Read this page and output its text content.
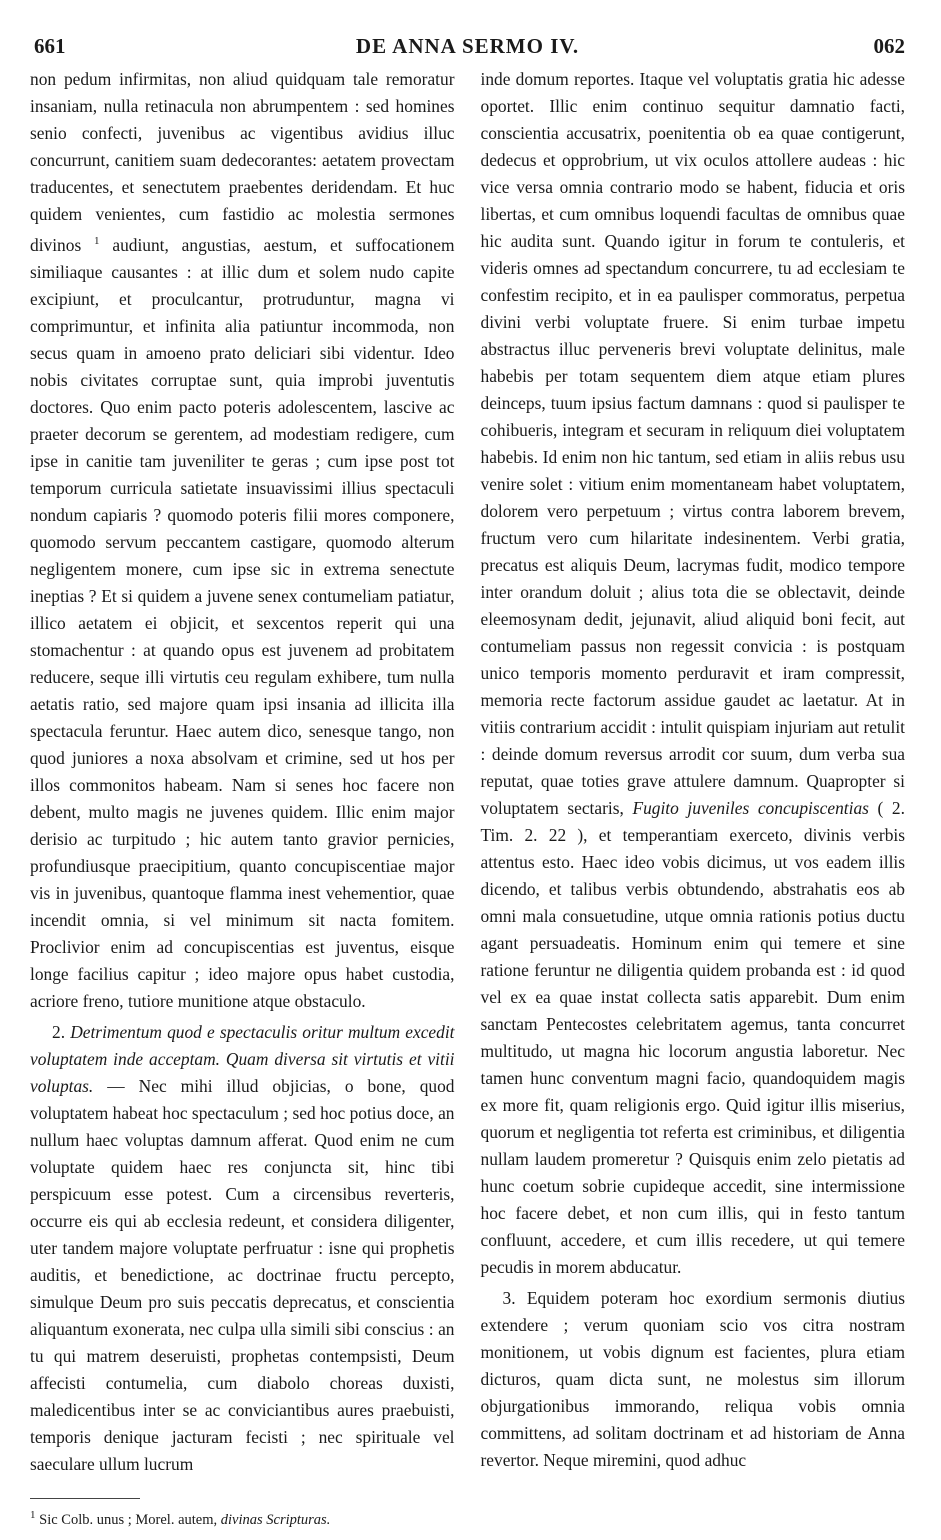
661	DE ANNA SERMO IV.	062

non pedum infirmitas, non aliud quidquam tale remoratur insaniam, nulla retinacula non abrumpentem : sed homines senio confecti, juvenibus ac vigentibus avidius illuc concurrunt, canitiem suam dedecorantes: aetatem provectam traducentes, et senectutem praebentes deridendam. Et huc quidem venientes, cum fastidio ac molestia sermones divinos $^1$ audiunt, angustias, aestum, et suffocationem similiaque causantes : at illic dum et solem nudo capite excipiunt, et proculcantur, protruduntur, magna vi comprimuntur, et infinita alia patiuntur incommoda, non secus quam in amoeno prato deliciari sibi videntur. Ideo nobis civitates corruptae sunt, quia improbi juventutis doctores. Quo enim pacto poteris adolescentem, lascive ac praeter decorum se gerentem, ad modestiam redigere, cum ipse in canitie tam juveniliter te geras ; cum ipse post tot temporum curricula satietate insuavissimi illius spectaculi nondum capiaris ? quomodo poteris filii mores componere, quomodo servum peccantem castigare, quomodo alterum negligentem monere, cum ipse sic in extrema senectute ineptias ? Et si quidem a juvene senex contumeliam patiatur, illico aetatem ei objicit, et sexcentos reperit qui una stomachentur : at quando opus est juvenem ad probitatem reducere, seque illi virtutis ceu regulam exhibere, tum nulla aetatis ratio, sed majore quam ipsi insania ad illicita illa spectacula feruntur. Haec autem dico, senesque tango, non quod juniores a noxa absolvam et crimine, sed ut hos per illos commonitos habeam. Nam si senes hoc facere non debent, multo magis ne juvenes quidem. Illic enim major derisio ac turpitudo ; hic autem tanto gravior pernicies, profundiusque praecipitium, quanto concupiscentiae major vis in juvenibus, quantoque flamma inest vehementior, quae incendit omnia, si vel minimum sit nacta fomitem. Proclivior enim ad concupiscentias est juventus, eisque longe facilius capitur ; ideo majore opus habet custodia, acriore freno, tutiore munitione atque obstaculo.

2. Detrimentum quod e spectaculis oritur multum excedit voluptatem inde acceptam. Quam diversa sit virtutis et vitii voluptas. — Nec mihi illud objicias, o bone, quod voluptatem habeat hoc spectaculum ; sed hoc potius doce, an nullum haec voluptas damnum afferat. Quod enim ne cum voluptate quidem haec res conjuncta sit, hinc tibi perspicuum esse potest. Cum a circensibus reverteris, occurre eis qui ab ecclesia redeunt, et considera diligenter, uter tandem majore voluptate perfruatur : isne qui prophetis auditis, et benedictione, ac doctrinae fructu percepto, simulque Deum pro suis peccatis deprecatus, et conscientia aliquantum exonerata, nec culpa ulla simili sibi conscius : an tu qui matrem deseruisti, prophetas contempsisti, Deum affecisti contumelia, cum diabolo choreas duxisti, maledicentibus inter se ac conviciantibus aures praebuisti, temporis denique jacturam fecisti ; nec spirituale vel saeculare ullum lucrum

$^1$ Sic Colb. unus ; Morel. autem, divinas Scripturas.

inde domum reportes. Itaque vel voluptatis gratia hic adesse oportet. Illic enim continuo sequitur damnatio facti, conscientia accusatrix, poenitentia ob ea quae contigerunt, dedecus et opprobrium, ut vix oculos attollere audeas : hic vice versa omnia contrario modo se habent, fiducia et oris libertas, et cum omnibus loquendi facultas de omnibus quae hic audita sunt. Quando igitur in forum te contuleris, et videris omnes ad spectandum concurrere, tu ad ecclesiam te confestim recipito, et in ea paulisper commoratus, perpetua divini verbi voluptate fruere. Si enim turbae impetu abstractus illuc perveneris brevi voluptate delinitus, male habebis per totam sequentem diem atque etiam plures deinceps, tuum ipsius factum damnans : quod si paulisper te cohibueris, integram et securam in reliquum diei voluptatem habebis. Id enim non hic tantum, sed etiam in aliis rebus usu venire solet : vitium enim momentaneam habet voluptatem, dolorem vero perpetuum ; virtus contra laborem brevem, fructum vero cum hilaritate indesinentem. Verbi gratia, precatus est aliquis Deum, lacrymas fudit, modico tempore inter orandum doluit ; alius tota die se oblectavit, deinde eleemosynam dedit, jejunavit, aliud aliquid boni fecit, aut contumeliam passus non regessit convicia : is postquam unico temporis momento perduravit et iram compressit, memoria recte factorum assidue gaudet ac laetatur. At in vitiis contrarium accidit : intulit quispiam injuriam aut retulit : deinde domum reversus arrodit cor suum, dum verba sua reputat, quae toties grave attulere damnum. Quapropter si voluptatem sectaris, Fugito juveniles concupiscentias ( 2. Tim. 2. 22 ), et temperantiam exerceto, divinis verbis attentus esto. Haec ideo vobis dicimus, ut vos eadem illis dicendo, et talibus verbis obtundendo, abstrahatis eos ab omni mala consuetudine, utque omnia rationis potius ductu agant persuadeatis. Hominum enim qui temere et sine ratione feruntur ne diligentia quidem probanda est : id quod vel ex ea quae instat collecta satis apparebit. Dum enim sanctam Pentecostes celebritatem agemus, tanta concurret multitudo, ut magna hic locorum angustia laboretur. Nec tamen hunc conventum magni facio, quandoquidem magis ex more fit, quam religionis ergo. Quid igitur illis miserius, quorum et negligentia tot referta est criminibus, et diligentia nullam laudem promeretur ? Quisquis enim zelo pietatis ad hunc coetum sobrie cupideque accedit, sine intermissione hoc facere debet, et non cum illis, qui in festo tantum confluunt, accedere, et cum illis recedere, ut qui temere pecudis in morem abducatur.

3. Equidem poteram hoc exordium sermonis diutius extendere ; verum quoniam scio vos citra nostram monitionem, ut vobis dignum est facientes, plura etiam dicturos, quam dicta sunt, ne molestus sim illorum objurgationibus immorando, reliqua vobis omnia committens, ad solitam doctrinam et ad historiam de Anna revertor. Neque miremini, quod adhuc
